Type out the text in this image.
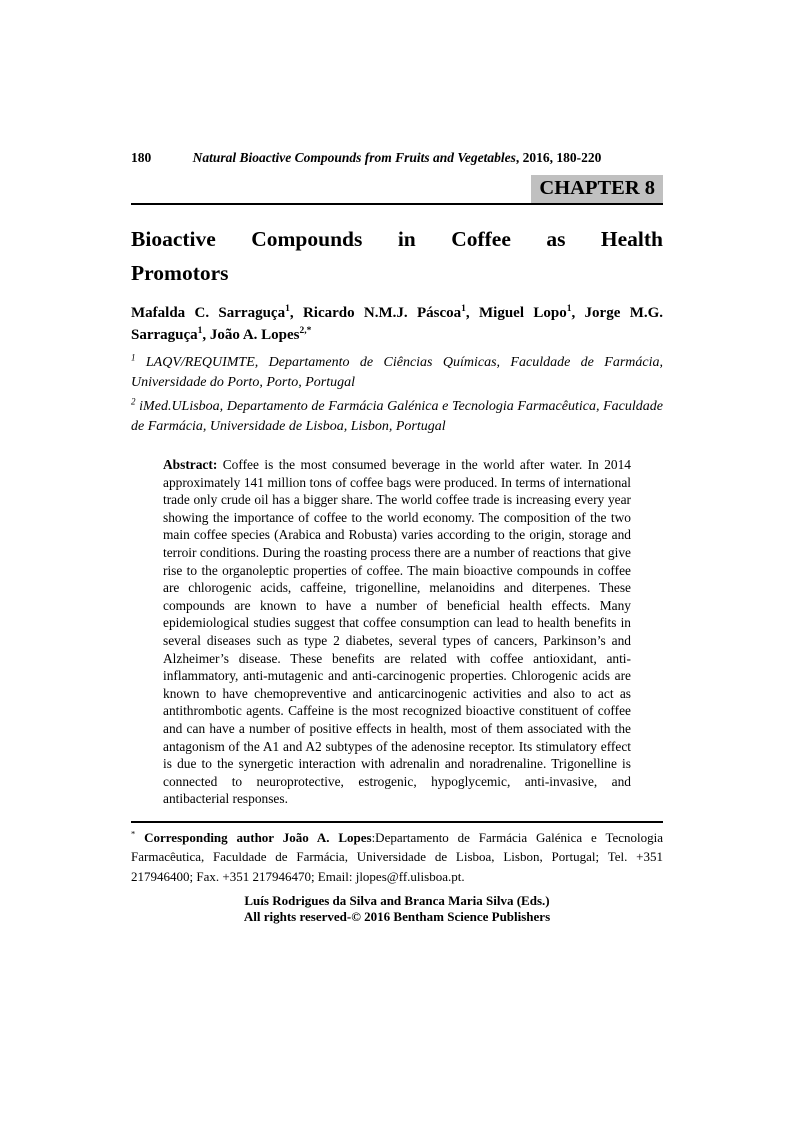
180	Natural Bioactive Compounds from Fruits and Vegetables, 2016, 180-220
CHAPTER 8
Bioactive Compounds in Coffee as Health
Promotors
Mafalda C. Sarraguça$^1$, Ricardo N.M.J. Páscoa$^1$, Miguel Lopo$^1$, Jorge M.G. Sarraguça$^1$, João A. Lopes$^{2,*}$
$^1$ LAQV/REQUIMTE, Departamento de Ciências Químicas, Faculdade de Farmácia, Universidade do Porto, Porto, Portugal
$^2$ iMed.ULisboa, Departamento de Farmácia Galénica e Tecnologia Farmacêutica, Faculdade de Farmácia, Universidade de Lisboa, Lisbon, Portugal
Abstract: Coffee is the most consumed beverage in the world after water. In 2014 approximately 141 million tons of coffee bags were produced. In terms of international trade only crude oil has a bigger share. The world coffee trade is increasing every year showing the importance of coffee to the world economy. The composition of the two main coffee species (Arabica and Robusta) varies according to the origin, storage and terroir conditions. During the roasting process there are a number of reactions that give rise to the organoleptic properties of coffee. The main bioactive compounds in coffee are chlorogenic acids, caffeine, trigonelline, melanoidins and diterpenes. These compounds are known to have a number of beneficial health effects. Many epidemiological studies suggest that coffee consumption can lead to health benefits in several diseases such as type 2 diabetes, several types of cancers, Parkinson’s and Alzheimer’s disease. These benefits are related with coffee antioxidant, anti-inflammatory, anti-mutagenic and anti-carcinogenic properties. Chlorogenic acids are known to have chemopreventive and anticarcinogenic activities and also to act as antithrombotic agents. Caffeine is the most recognized bioactive constituent of coffee and can have a number of positive effects in health, most of them associated with the antagonism of the A1 and A2 subtypes of the adenosine receptor. Its stimulatory effect is due to the synergetic interaction with adrenalin and noradrenaline. Trigonelline is connected to neuroprotective, estrogenic, hypoglycemic, anti-invasive, and antibacterial responses.
* Corresponding author João A. Lopes:Departamento de Farmácia Galénica e Tecnologia Farmacêutica, Faculdade de Farmácia, Universidade de Lisboa, Lisbon, Portugal; Tel. +351 217946400; Fax. +351 217946470; Email: jlopes@ff.ulisboa.pt.
Luís Rodrigues da Silva and Branca Maria Silva (Eds.)
All rights reserved-© 2016 Bentham Science Publishers
